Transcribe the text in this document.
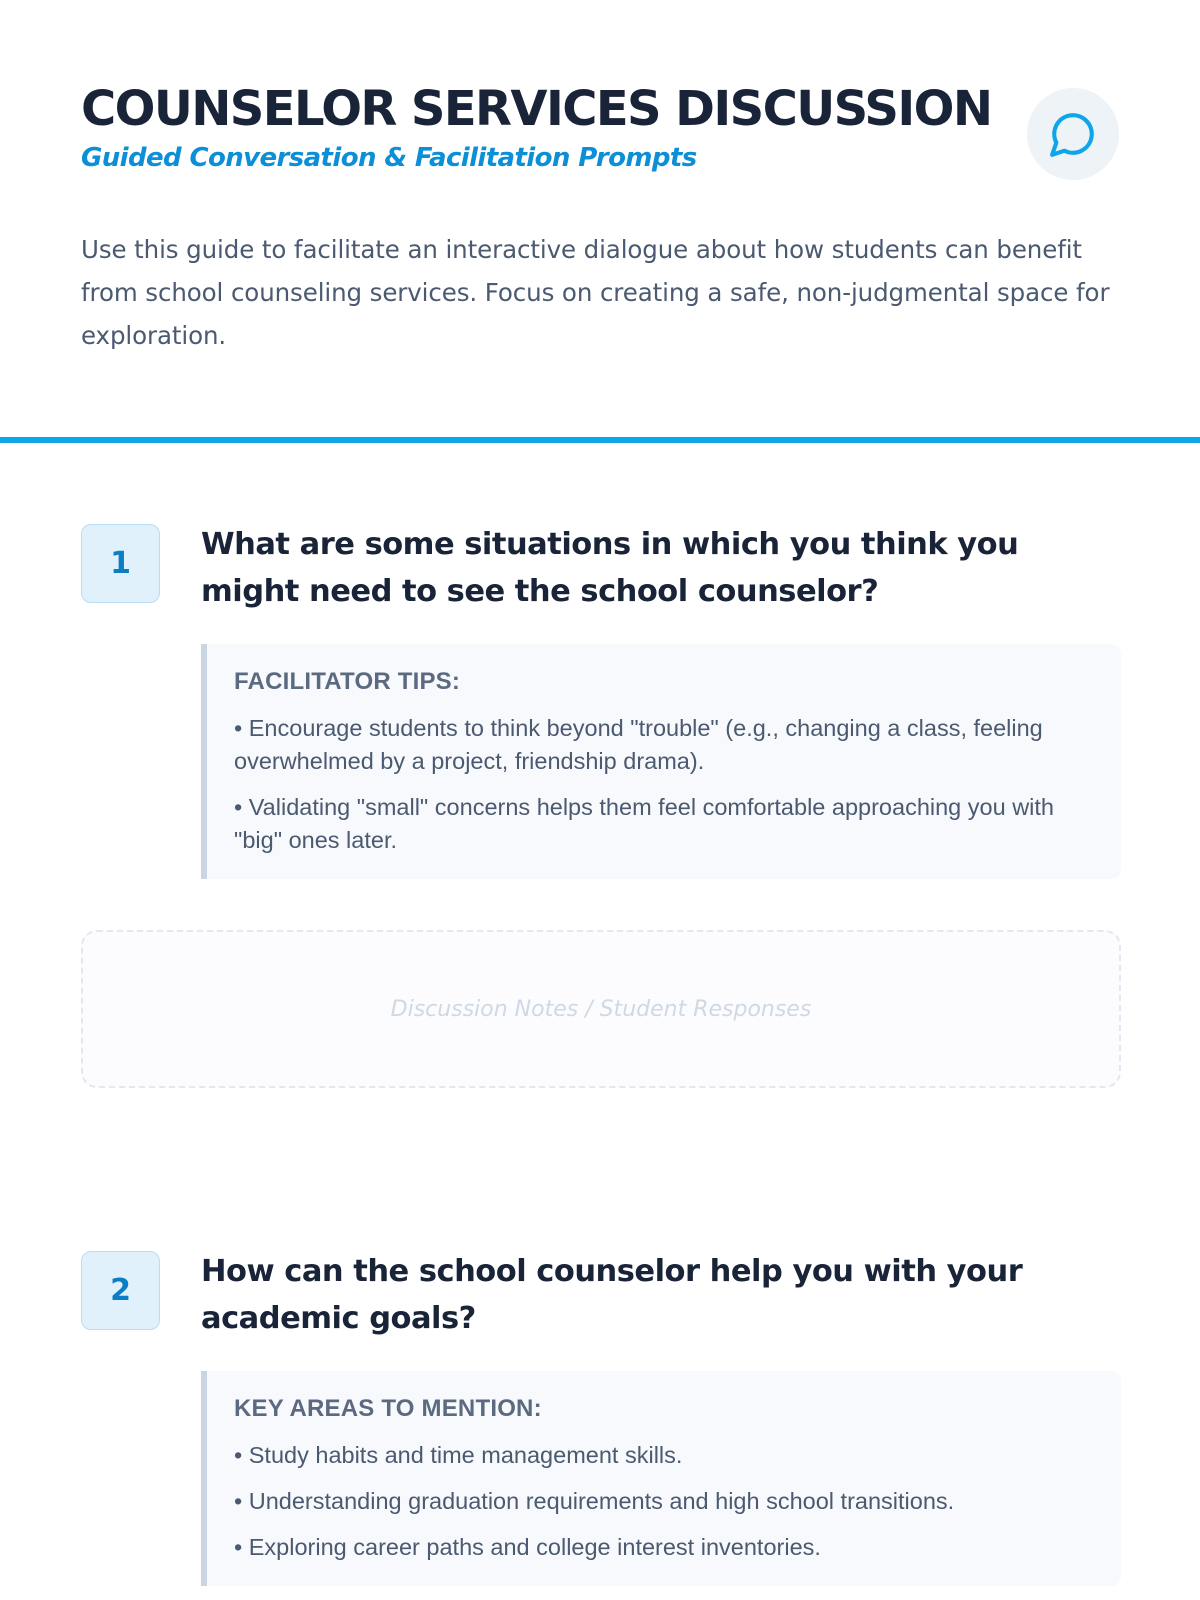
COUNSELOR SERVICES DISCUSSION
Guided Conversation & Facilitation Prompts

Use this guide to facilitate an interactive dialogue about how students can benefit from school counseling services. Focus on creating a safe, non-judgmental space for exploration.

1
What are some situations in which you think you might need to see the school counselor?
FACILITATOR TIPS:
• Encourage students to think beyond "trouble" (e.g., changing a class, feeling overwhelmed by a project, friendship drama).
• Validating "small" concerns helps them feel comfortable approaching you with "big" ones later.
Discussion Notes / Student Responses
2
How can the school counselor help you with your academic goals?
KEY AREAS TO MENTION:
• Study habits and time management skills.
• Understanding graduation requirements and high school transitions.
• Exploring career paths and college interest inventories.
